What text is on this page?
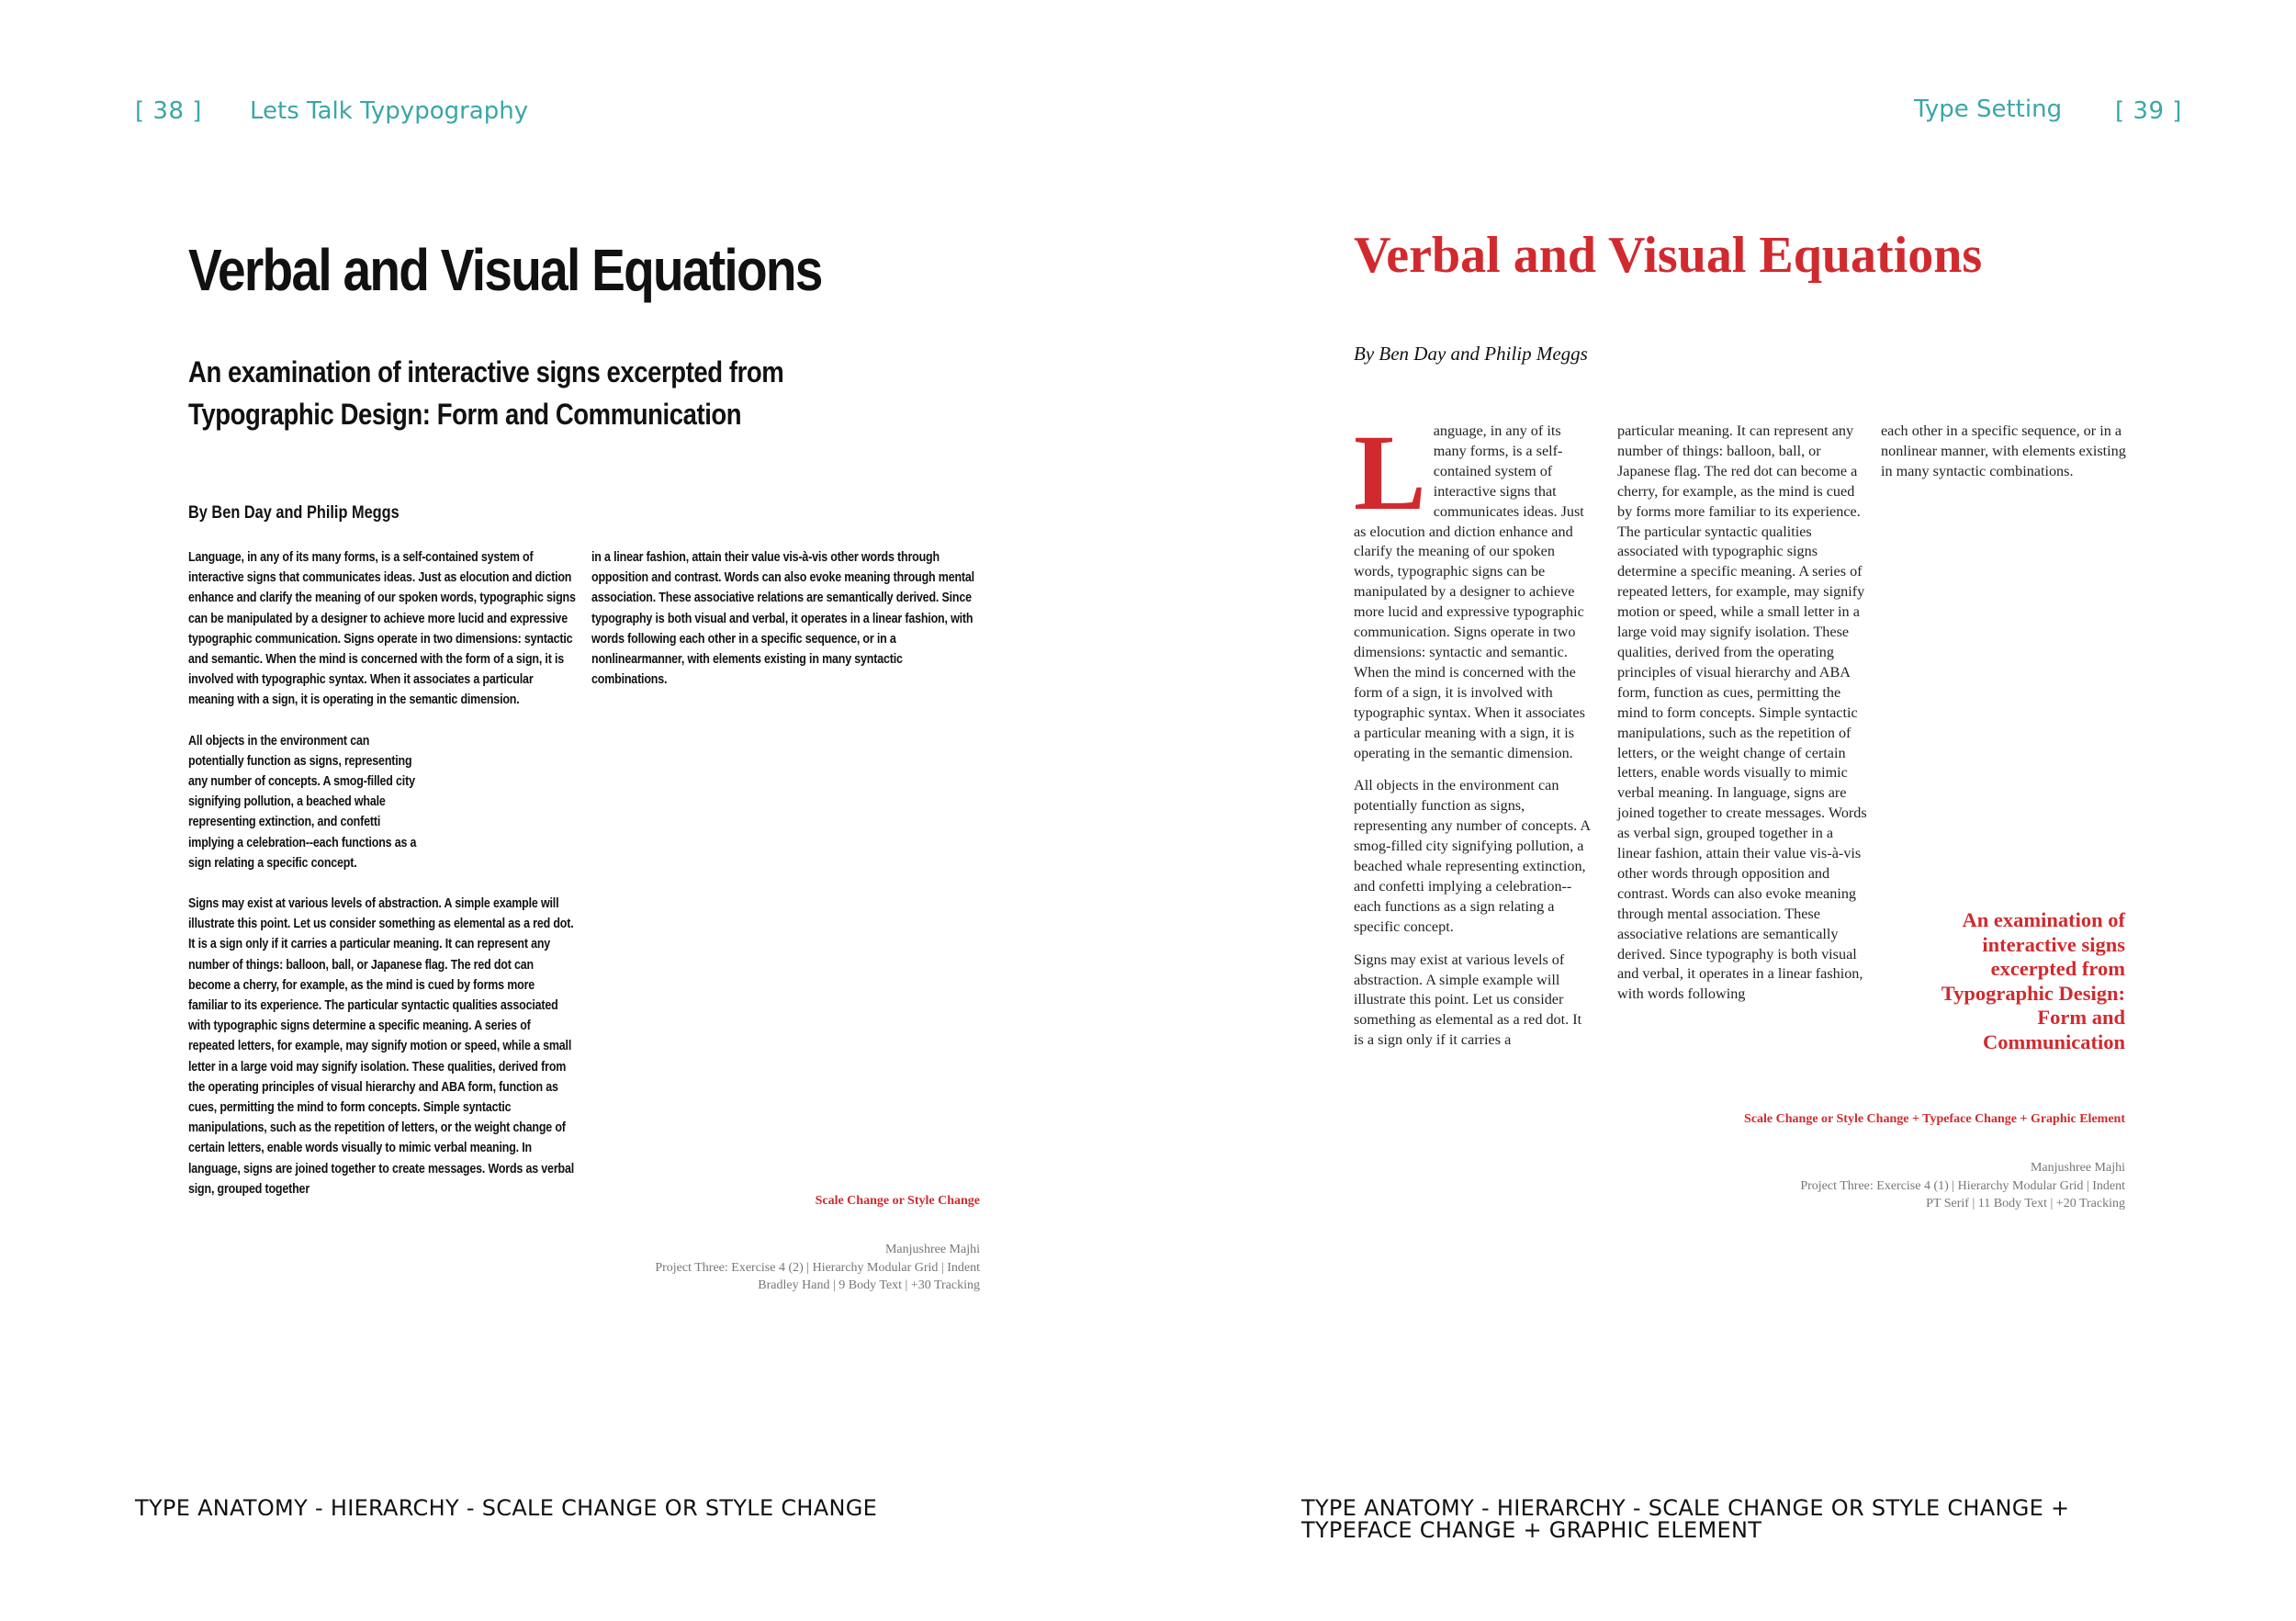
[ 38 ] Lets Talk Typypography
Verbal and Visual Equations
An examination of interactive signs excerpted from Typographic Design: Form and Communication
By Ben Day and Philip Meggs

Language, in any of its many forms, is a self-contained system of interactive signs that communicates ideas. Just as elocution and diction enhance and clarify the meaning of our spoken words, typographic signs can be manipulated by a designer to achieve more lucid and expressive typographic communication. Signs operate in two dimensions: syntactic and semantic. When the mind is concerned with the form of a sign, it is involved with typographic syntax. When it associates a particular meaning with a sign, it is operating in the semantic dimension.

All objects in the environment can potentially function as signs, representing any number of concepts. A smog-filled city signifying pollution, a beached whale representing extinction, and confetti implying a celebration--each functions as a sign relating a specific concept.

Signs may exist at various levels of abstraction. A simple example will illustrate this point. Let us consider something as elemental as a red dot. It is a sign only if it carries a particular meaning. It can represent any number of things: balloon, ball, or Japanese flag. The red dot can become a cherry, for example, as the mind is cued by forms more familiar to its experience. The particular syntactic qualities associated with typographic signs determine a specific meaning. A series of repeated letters, for example, may signify motion or speed, while a small letter in a large void may signify isolation. These qualities, derived from the operating principles of visual hierarchy and ABA form, function as cues, permitting the mind to form concepts. Simple syntactic manipulations, such as the repetition of letters, or the weight change of certain letters, enable words visually to mimic verbal meaning. In language, signs are joined together to create messages. Words as verbal sign, grouped together

in a linear fashion, attain their value vis-à-vis other words through opposition and contrast. Words can also evoke meaning through mental association. These associative relations are semantically derived. Since typography is both visual and verbal, it operates in a linear fashion, with words following each other in a specific sequence, or in a nonlinearmanner, with elements existing in many syntactic combinations.

Scale Change or Style Change
Manjushree Majhi
Project Three: Exercise 4 (2) | Hierarchy Modular Grid | Indent
Bradley Hand | 9 Body Text | +30 Tracking
TYPE ANATOMY - HIERARCHY - SCALE CHANGE OR STYLE CHANGE
Type Setting [ 39 ]
Verbal and Visual Equations
By Ben Day and Philip Meggs

Language, in any of its many forms, is a self-contained system of interactive signs that communicates ideas. Just as elocution and diction enhance and clarify the meaning of our spoken words, typographic signs can be manipulated by a designer to achieve more lucid and expressive typographic communication. Signs operate in two dimensions: syntactic and semantic. When the mind is concerned with the form of a sign, it is involved with typographic syntax. When it associates a particular meaning with a sign, it is operating in the semantic dimension.

All objects in the environment can potentially function as signs, representing any number of concepts. A smog-filled city signifying pollution, a beached whale representing extinction, and confetti implying a celebration--each functions as a sign relating a specific concept.

Signs may exist at various levels of abstraction. A simple example will illustrate this point. Let us consider something as elemental as a red dot. It is a sign only if it carries a

particular meaning. It can represent any number of things: balloon, ball, or Japanese flag. The red dot can become a cherry, for example, as the mind is cued by forms more familiar to its experience. The particular syntactic qualities associated with typographic signs determine a specific meaning. A series of repeated letters, for example, may signify motion or speed, while a small letter in a large void may signify isolation. These qualities, derived from the operating principles of visual hierarchy and ABA form, function as cues, permitting the mind to form concepts. Simple syntactic manipulations, such as the repetition of letters, or the weight change of certain letters, enable words visually to mimic verbal meaning. In language, signs are joined together to create messages. Words as verbal sign, grouped together in a linear fashion, attain their value vis-à-vis other words through opposition and contrast. Words can also evoke meaning through mental association. These associative relations are semantically derived. Since typography is both visual and verbal, it operates in a linear fashion, with words following

each other in a specific sequence, or in a nonlinear manner, with elements existing in many syntactic combinations.

An examination of interactive signs excerpted from Typographic Design: Form and Communication
Scale Change or Style Change + Typeface Change + Graphic Element
Manjushree Majhi
Project Three: Exercise 4 (1) | Hierarchy Modular Grid | Indent
PT Serif | 11 Body Text | +20 Tracking
TYPE ANATOMY - HIERARCHY - SCALE CHANGE OR STYLE CHANGE +
TYPEFACE CHANGE + GRAPHIC ELEMENT
